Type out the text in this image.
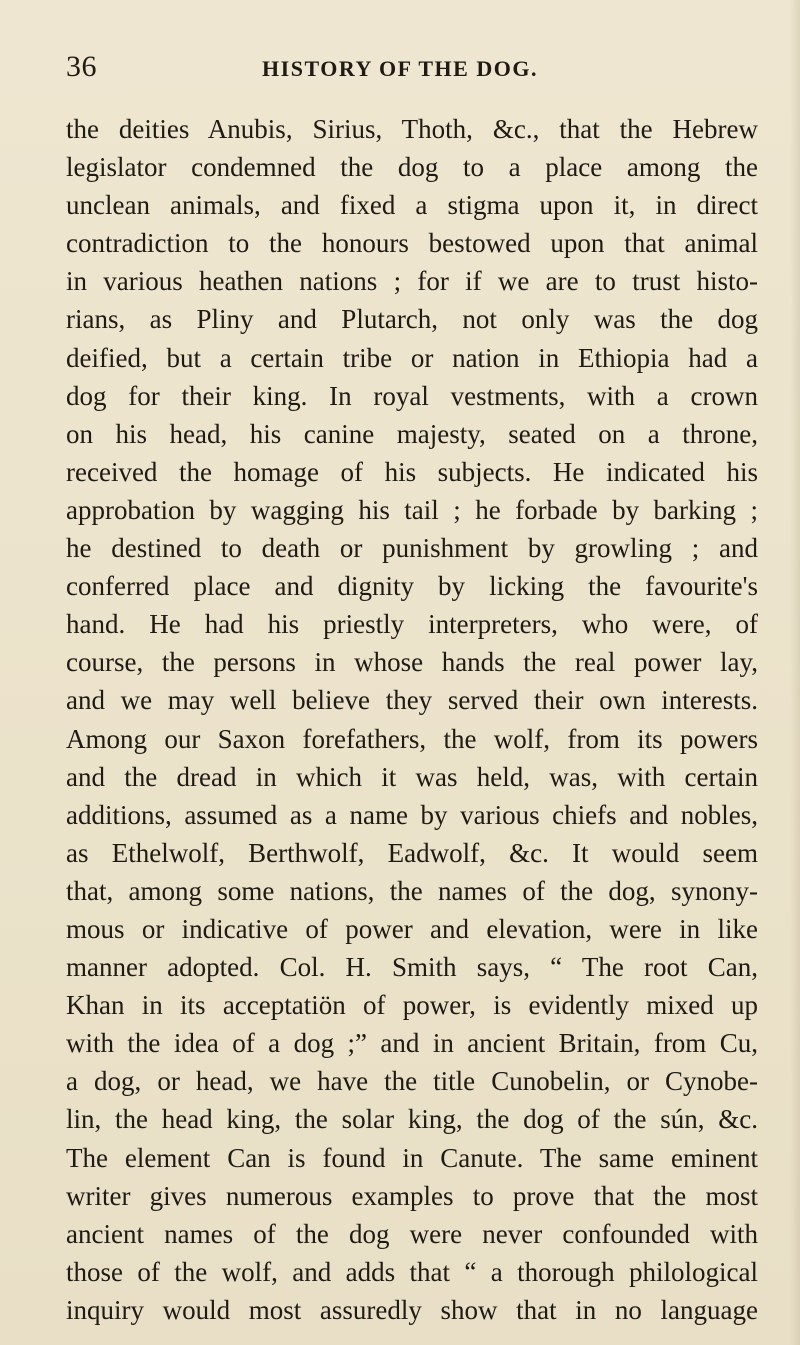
36	HISTORY OF THE DOG.
the deities Anubis, Sirius, Thoth, &c., that the Hebrew
legislator condemned the dog to a place among the
unclean animals, and fixed a stigma upon it, in direct
contradiction to the honours bestowed upon that animal
in various heathen nations ; for if we are to trust histo-
rians, as Pliny and Plutarch, not only was the dog
deified, but a certain tribe or nation in Ethiopia had a
dog for their king. In royal vestments, with a crown
on his head, his canine majesty, seated on a throne,
received the homage of his subjects. He indicated his
approbation by wagging his tail ; he forbade by barking ;
he destined to death or punishment by growling ; and
conferred place and dignity by licking the favourite's
hand. He had his priestly interpreters, who were, of
course, the persons in whose hands the real power lay,
and we may well believe they served their own interests.
Among our Saxon forefathers, the wolf, from its powers
and the dread in which it was held, was, with certain
additions, assumed as a name by various chiefs and nobles,
as Ethelwolf, Berthwolf, Eadwolf, &c. It would seem
that, among some nations, the names of the dog, synony-
mous or indicative of power and elevation, were in like
manner adopted. Col. H. Smith says, “ The root Can,
Khan in its acceptatiön of power, is evidently mixed up
with the idea of a dog ;” and in ancient Britain, from Cu,
a dog, or head, we have the title Cunobelin, or Cynobe-
lin, the head king, the solar king, the dog of the sún, &c.
The element Can is found in Canute. The same eminent
writer gives numerous examples to prove that the most
ancient names of the dog were never confounded with
those of the wolf, and adds that “ a thorough philological
inquiry would most assuredly show that in no language
